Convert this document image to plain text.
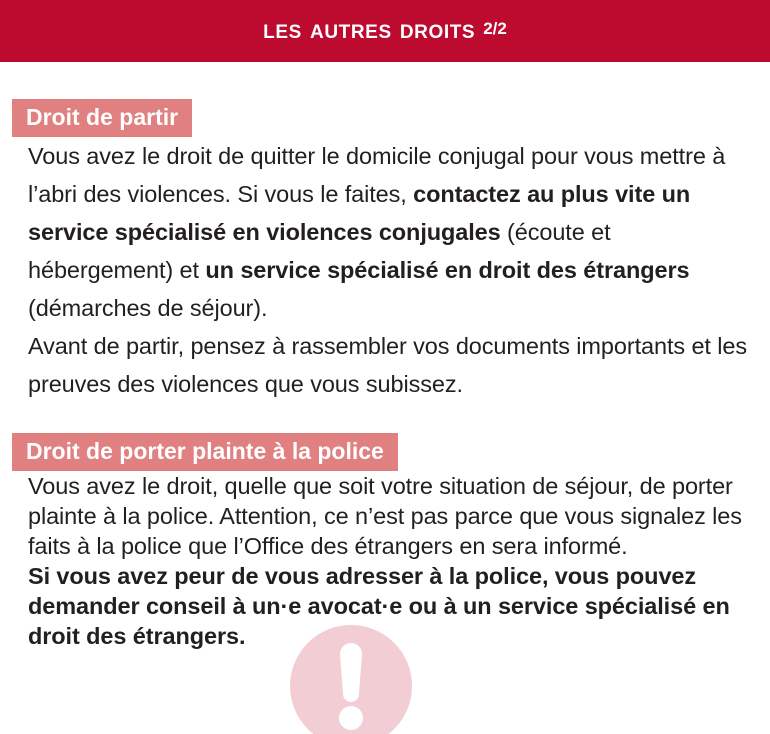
les autres droits 2/2
Droit de partir

Vous avez le droit de quitter le domicile conjugal pour vous mettre à l’abri des violences. Si vous le faites, contactez au plus vite un service spécialisé en violences conjugales (écoute et hébergement) et un service spécialisé en droit des étrangers (démarches de séjour).

Avant de partir, pensez à rassembler vos documents importants et les preuves des violences que vous subissez.

Droit de porter plainte à la police

Vous avez le droit, quelle que soit votre situation de séjour, de porter plainte à la police. Attention, ce n’est pas parce que vous signalez les faits à la police que l’Office des étrangers en sera informé.

Si vous avez peur de vous adresser à la police, vous pouvez demander conseil à un·e avocat·e ou à un service spécialisé en droit des étrangers.
